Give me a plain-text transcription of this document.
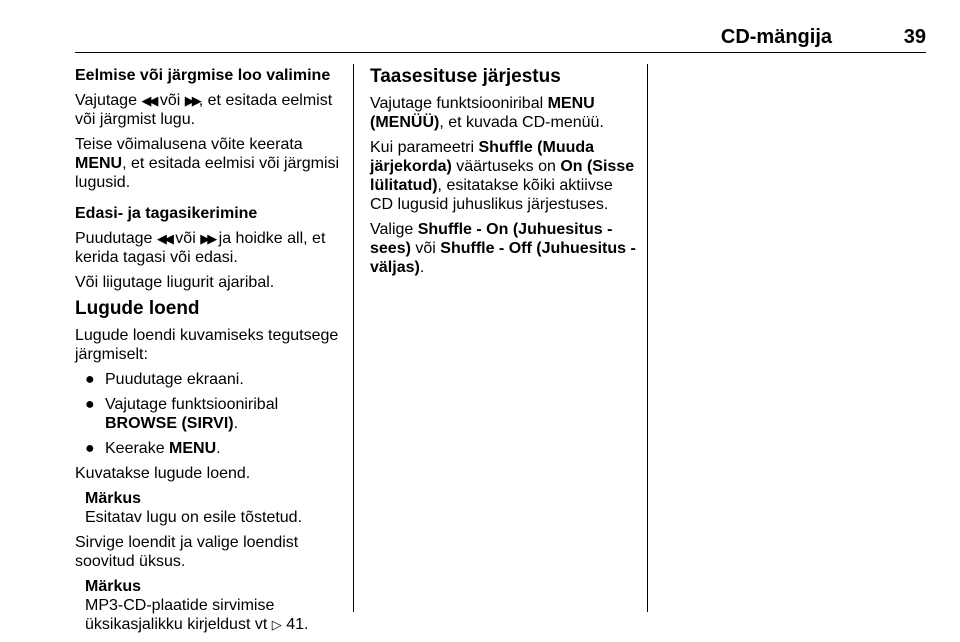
CD-mängija	39

Eelmise või järgmise loo valimine

Vajutage ◀◀ või ▶▶, et esitada eelmist või järgmist lugu.

Teise võimalusena võite keerata MENU, et esitada eelmisi või järgmisi lugusid.

Edasi- ja tagasikerimine

Puudutage ◀◀ või ▶▶ ja hoidke all, et kerida tagasi või edasi.

Või liigutage liugurit ajaribal.

Lugude loend

Lugude loendi kuvamiseks tegutsege järgmiselt:

● Puudutage ekraani.
● Vajutage funktsiooniribal BROWSE (SIRVI).
● Keerake MENU.

Kuvatakse lugude loend.

Märkus
Esitatav lugu on esile tõstetud.

Sirvige loendit ja valige loendist soovitud üksus.

Märkus
MP3-CD-plaatide sirvimise üksikasjalikku kirjeldust vt ▷ 41.

Taasesituse järjestus

Vajutage funktsiooniribal MENU (MENÜÜ), et kuvada CD-menüü.

Kui parameetri Shuffle (Muuda järjekorda) väärtuseks on On (Sisse lülitatud), esitatakse kõiki aktiivse CD lugusid juhuslikus järjestuses.

Valige Shuffle - On (Juhuesitus - sees) või Shuffle - Off (Juhuesitus - väljas).
